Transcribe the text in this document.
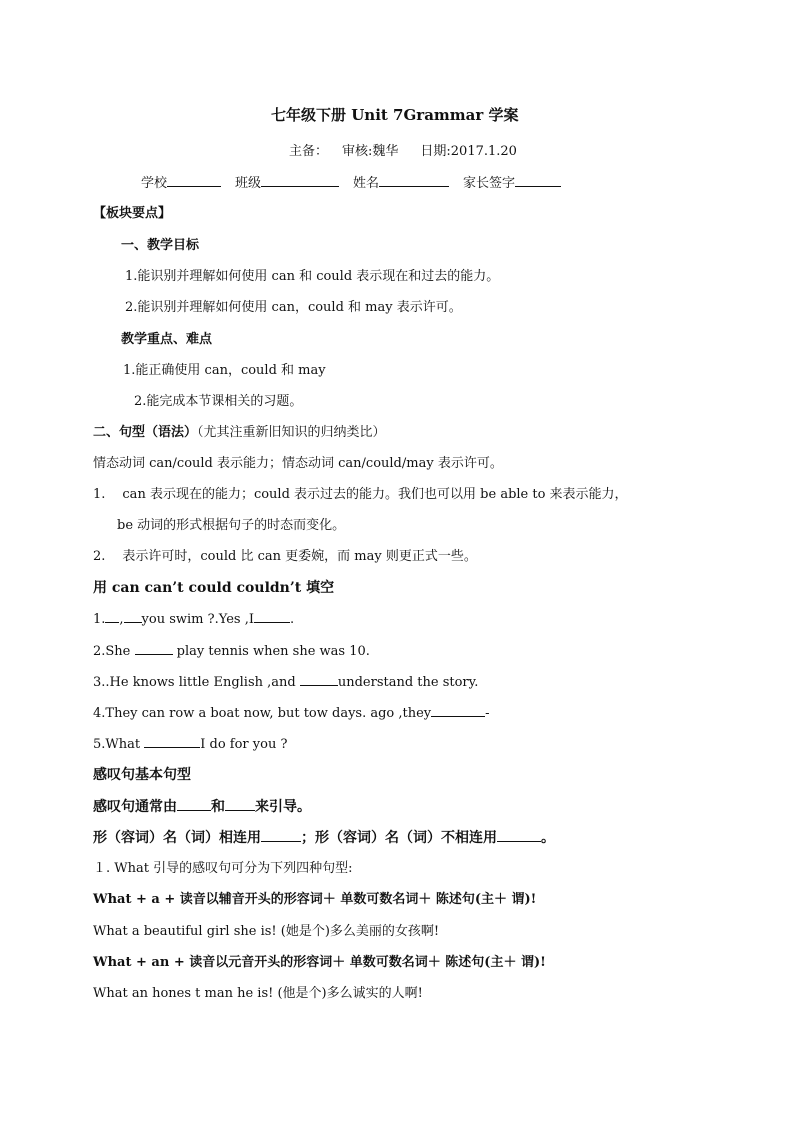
七年级下册 Unit 7Grammar 学案
主备： 审核:魏华 日期:2017.1.20
学校	班级	姓名	家长签字
【板块要点】
一、教学目标
1.能识别并理解如何使用 can 和 could 表示现在和过去的能力。
2.能识别并理解如何使用 can，could 和 may 表示许可。
教学重点、难点
1.能正确使用 can，could 和 may
2.能完成本节课相关的习题。
二、句型（语法）（尤其注重新旧知识的归纳类比）
情态动词 can/could 表示能力；情态动词 can/could/may 表示许可。
1. can 表示现在的能力；could 表示过去的能力。我们也可以用 be able to 来表示能力，
be 动词的形式根据句子的时态而变化。
2. 表示许可时，could 比 can 更委婉，而 may 则更正式一些。
用 can can’t could couldn’t 填空
1. , you swim ?.Yes ,I	.
2.She	play tennis when she was 10.
3..He knows little English ,and	understand the story.
4.They can row a boat now, but tow days. ago ,they	-
5.What	I do for you ?
感叹句基本句型
感叹句通常由 和 来引导。
形（容词）名（词）相连用	；形（容词）名（词）不相连用	。
１. What 引导的感叹句可分为下列四种句型:
What + a + 读音以辅音开头的形容词＋ 单数可数名词＋ 陈述句(主＋ 谓)!
What a beautiful girl she is! (她是个)多么美丽的女孩啊!
What + an + 读音以元音开头的形容词＋ 单数可数名词＋ 陈述句(主＋ 谓)!
What an hones t man he is! (他是个)多么诚实的人啊!
